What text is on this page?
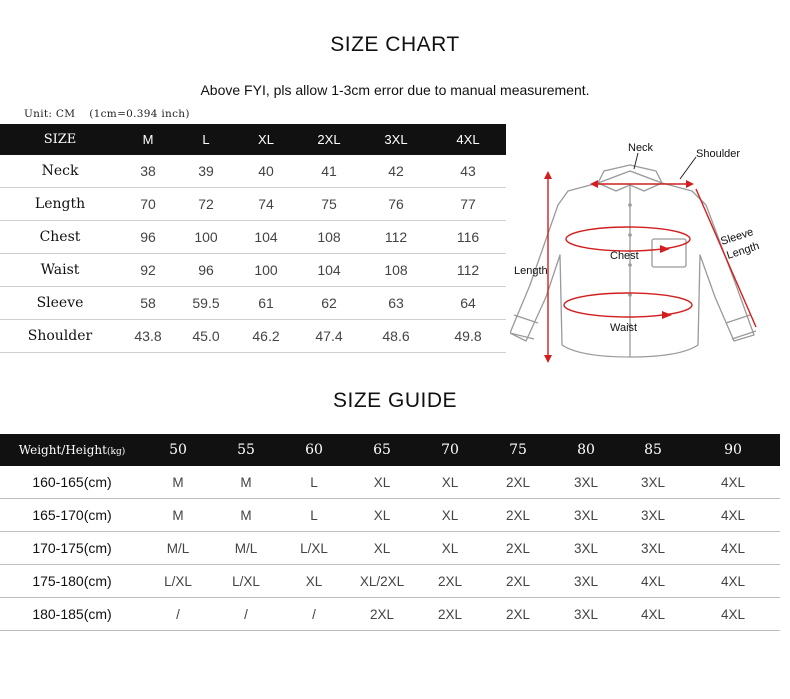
SIZE CHART
Above FYI, pls allow 1-3cm error due to manual measurement.
Unit: CM (1cm=0.394 inch)
SIZE	M	L	XL	2XL	3XL	4XL
Neck	38	39	40	41	42	43
Length	70	72	74	75	76	77
Chest	96	100	104	108	112	116
Waist	92	96	100	104	108	112
Sleeve	58	59.5	61	62	63	64
Shoulder	43.8	45.0	46.2	47.4	48.6	49.8
Neck	Shoulder
Sleeve
Length
Length
Chest
Waist
SIZE GUIDE
Weight/Height(kg)	50	55	60	65	70	75	80	85	90
160-165(cm)	M	M	L	XL	XL	2XL	3XL	3XL	4XL
165-170(cm)	M	M	L	XL	XL	2XL	3XL	3XL	4XL
170-175(cm)	M/L	M/L	L/XL	XL	XL	2XL	3XL	3XL	4XL
175-180(cm)	L/XL	L/XL	XL	XL/2XL	2XL	2XL	3XL	4XL	4XL
180-185(cm)	/	/	/	2XL	2XL	2XL	3XL	4XL	4XL
